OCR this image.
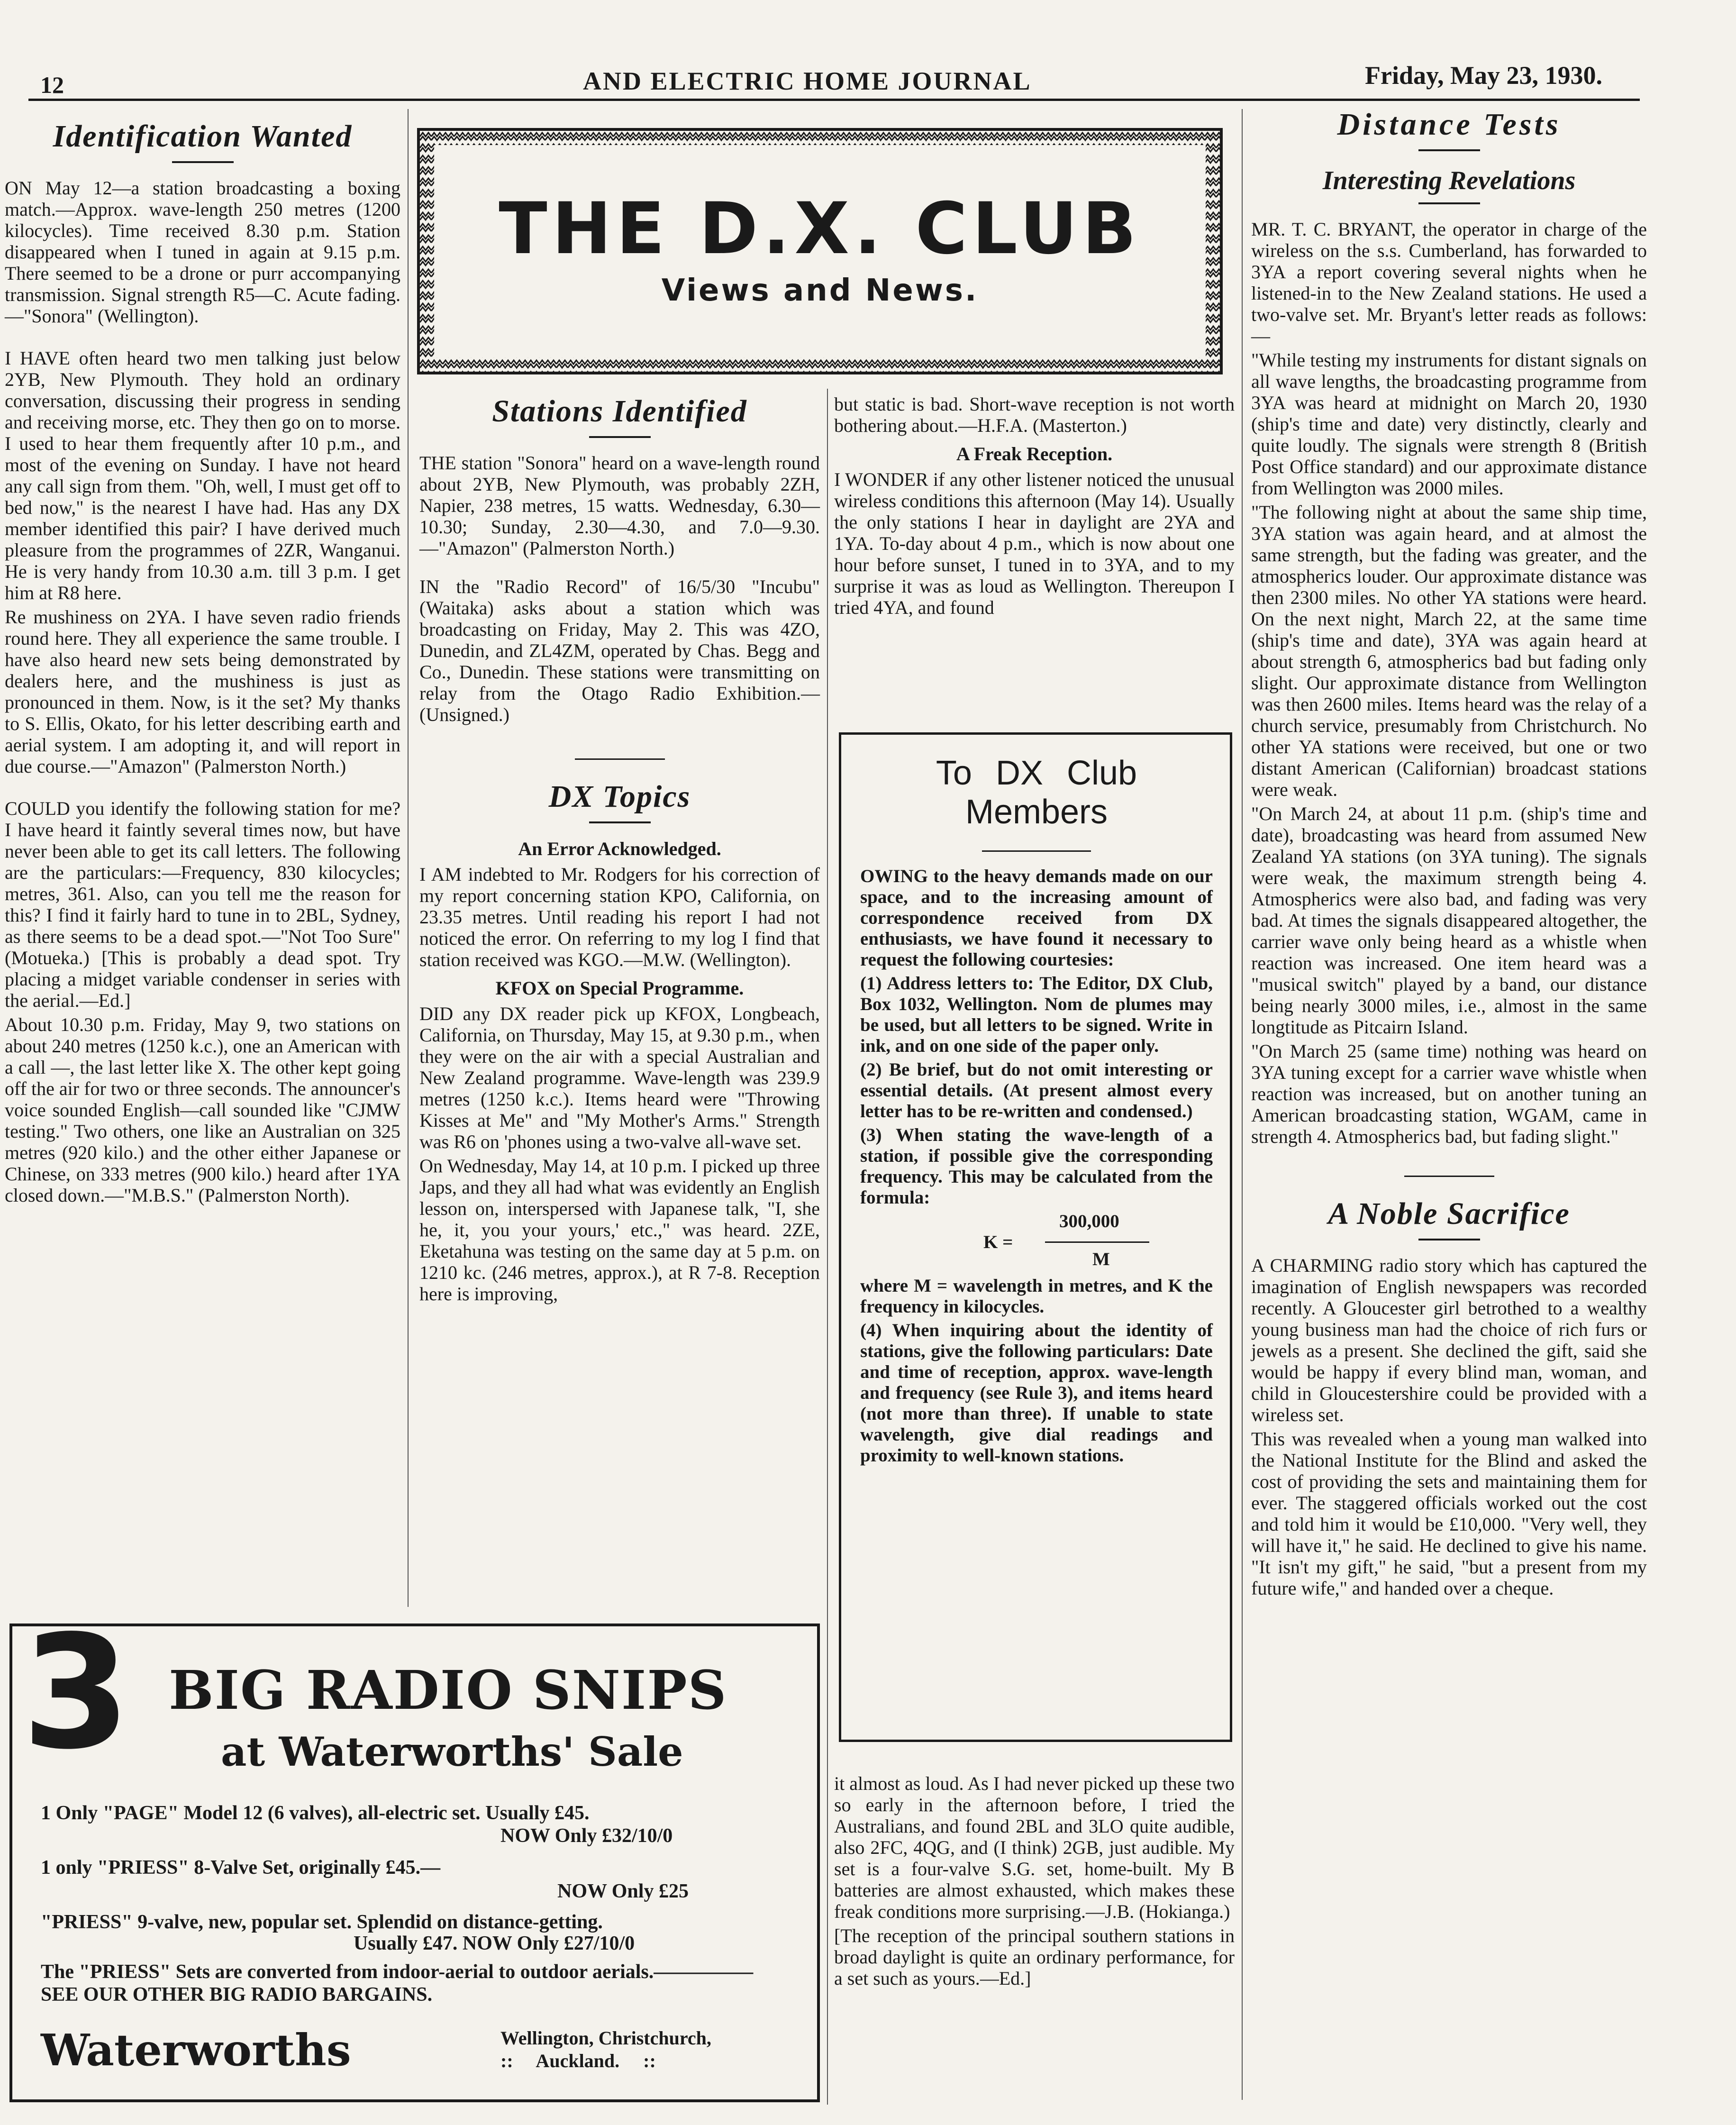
12	AND ELECTRIC HOME JOURNAL	Friday, May 23, 1930.
THE D.X. CLUB
Views and News.
Identification Wanted

ON May 12—a station broadcasting a boxing match.—Approx. wave-length 250 metres (1200 kilocycles). Time received 8.30 p.m. Station disappeared when I tuned in again at 9.15 p.m. There seemed to be a drone or purr accompanying transmission. Signal strength R5—C. Acute fading.—"Sonora" (Wellington).

I HAVE often heard two men talking just below 2YB, New Plymouth. They hold an ordinary conversation, discussing their progress in sending and receiving morse, etc. They then go on to morse. I used to hear them frequently after 10 p.m., and most of the evening on Sunday. I have not heard any call sign from them. "Oh, well, I must get off to bed now," is the nearest I have had. Has any DX member identified this pair? I have derived much pleasure from the programmes of 2ZR, Wanganui. He is very handy from 10.30 a.m. till 3 p.m. I get him at R8 here.

Re mushiness on 2YA. I have seven radio friends round here. They all experience the same trouble. I have also heard new sets being demonstrated by dealers here, and the mushiness is just as pronounced in them. Now, is it the set? My thanks to S. Ellis, Okato, for his letter describing earth and aerial system. I am adopting it, and will report in due course.—"Amazon" (Palmerston North.)

COULD you identify the following station for me? I have heard it faintly several times now, but have never been able to get its call letters. The following are the particulars:—Frequency, 830 kilocycles; metres, 361. Also, can you tell me the reason for this? I find it fairly hard to tune in to 2BL, Sydney, as there seems to be a dead spot.—"Not Too Sure" (Motueka.) [This is probably a dead spot. Try placing a midget variable condenser in series with the aerial.—Ed.]

About 10.30 p.m. Friday, May 9, two stations on about 240 metres (1250 k.c.), one an American with a call —, the last letter like X. The other kept going off the air for two or three seconds. The announcer's voice sounded English—call sounded like "CJMW testing." Two others, one like an Australian on 325 metres (920 kilo.) and the other either Japanese or Chinese, on 333 metres (900 kilo.) heard after 1YA closed down.—"M.B.S." (Palmerston North).

Stations Identified

THE station "Sonora" heard on a wave-length round about 2YB, New Plymouth, was probably 2ZH, Napier, 238 metres, 15 watts. Wednesday, 6.30—10.30; Sunday, 2.30—4.30, and 7.0—9.30.—"Amazon" (Palmerston North.)

IN the "Radio Record" of 16/5/30 "Incubu" (Waitaka) asks about a station which was broadcasting on Friday, May 2. This was 4ZO, Dunedin, and ZL4ZM, operated by Chas. Begg and Co., Dunedin. These stations were transmitting on relay from the Otago Radio Exhibition.—(Unsigned.)

DX Topics
An Error Acknowledged.

I AM indebted to Mr. Rodgers for his correction of my report concerning station KPO, California, on 23.35 metres. Until reading his report I had not noticed the error. On referring to my log I find that station received was KGO.—M.W. (Wellington).

KFOX on Special Programme.

DID any DX reader pick up KFOX, Longbeach, California, on Thursday, May 15, at 9.30 p.m., when they were on the air with a special Australian and New Zealand programme. Wave-length was 239.9 metres (1250 k.c.). Items heard were "Throwing Kisses at Me" and "My Mother's Arms." Strength was R6 on 'phones using a two-valve all-wave set.

On Wednesday, May 14, at 10 p.m. I picked up three Japs, and they all had what was evidently an English lesson on, interspersed with Japanese talk, "I, she he, it, you your yours,' etc.," was heard. 2ZE, Eketahuna was testing on the same day at 5 p.m. on 1210 kc. (246 metres, approx.), at R 7-8. Reception here is improving,

but static is bad. Short-wave reception is not worth bothering about.—H.F.A. (Masterton.)

A Freak Reception.

I WONDER if any other listener noticed the unusual wireless conditions this afternoon (May 14). Usually the only stations I hear in daylight are 2YA and 1YA. To-day about 4 p.m., which is now about one hour before sunset, I tuned in to 3YA, and to my surprise it was as loud as Wellington. Thereupon I tried 4YA, and found

To DX Club
Members

OWING to the heavy demands made on our space, and to the increasing amount of correspondence received from DX enthusiasts, we have found it necessary to request the following courtesies:

(1) Address letters to: The Editor, DX Club, Box 1032, Wellington. Nom de plumes may be used, but all letters to be signed. Write in ink, and on one side of the paper only.

(2) Be brief, but do not omit interesting or essential details. (At present almost every letter has to be re-written and condensed.)

(3) When stating the wave-length of a station, if possible give the corresponding frequency. This may be calculated from the formula:

300,000
K =
M

where M = wavelength in metres, and K the frequency in kilocycles.

(4) When inquiring about the identity of stations, give the following particulars: Date and time of reception, approx. wave-length and frequency (see Rule 3), and items heard (not more than three). If unable to state wavelength, give dial readings and proximity to well-known stations.

it almost as loud. As I had never picked up these two so early in the afternoon before, I tried the Australians, and found 2BL and 3LO quite audible, also 2FC, 4QG, and (I think) 2GB, just audible. My set is a four-valve S.G. set, home-built. My B batteries are almost exhausted, which makes these freak conditions more surprising.—J.B. (Hokianga.)

[The reception of the principal southern stations in broad daylight is quite an ordinary performance, for a set such as yours.—Ed.]

Distance Tests
Interesting Revelations

MR. T. C. BRYANT, the operator in charge of the wireless on the s.s. Cumberland, has forwarded to 3YA a report covering several nights when he listened-in to the New Zealand stations. He used a two-valve set. Mr. Bryant's letter reads as follows:—

"While testing my instruments for distant signals on all wave lengths, the broadcasting programme from 3YA was heard at midnight on March 20, 1930 (ship's time and date) very distinctly, clearly and quite loudly. The signals were strength 8 (British Post Office standard) and our approximate distance from Wellington was 2000 miles.

"The following night at about the same ship time, 3YA station was again heard, and at almost the same strength, but the fading was greater, and the atmospherics louder. Our approximate distance was then 2300 miles. No other YA stations were heard. On the next night, March 22, at the same time (ship's time and date), 3YA was again heard at about strength 6, atmospherics bad but fading only slight. Our approximate distance from Wellington was then 2600 miles. Items heard was the relay of a church service, presumably from Christchurch. No other YA stations were received, but one or two distant American (Californian) broadcast stations were weak.

"On March 24, at about 11 p.m. (ship's time and date), broadcasting was heard from assumed New Zealand YA stations (on 3YA tuning). The signals were weak, the maximum strength being 4. Atmospherics were also bad, and fading was very bad. At times the signals disappeared altogether, the carrier wave only being heard as a whistle when reaction was increased. One item heard was a "musical switch" played by a band, our distance being nearly 3000 miles, i.e., almost in the same longtitude as Pitcairn Island.

"On March 25 (same time) nothing was heard on 3YA tuning except for a carrier wave whistle when reaction was increased, but on another tuning an American broadcasting station, WGAM, came in strength 4. Atmospherics bad, but fading slight."

A Noble Sacrifice

A CHARMING radio story which has captured the imagination of English newspapers was recorded recently. A Gloucester girl betrothed to a wealthy young business man had the choice of rich furs or jewels as a present. She declined the gift, said she would be happy if every blind man, woman, and child in Gloucestershire could be provided with a wireless set.

This was revealed when a young man walked into the National Institute for the Blind and asked the cost of providing the sets and maintaining them for ever. The staggered officials worked out the cost and told him it would be £10,000. "Very well, they will have it," he said. He declined to give his name. "It isn't my gift," he said, "but a present from my future wife," and handed over a cheque.

3 BIG RADIO SNIPS
at Waterworths' Sale
1 Only "PAGE" Model 12 (6 valves), all-electric set. Usually £45.
NOW Only £32/10/0
1 only "PRIESS" 8-Valve Set, originally £45.—
NOW Only £25
"PRIESS" 9-valve, new, popular set. Splendid on distance-getting.
Usually £47. NOW Only £27/10/0
The "PRIESS" Sets are converted from indoor-aerial to outdoor aerials.—————SEE OUR OTHER BIG RADIO BARGAINS.
Waterworths	Wellington, Christchurch,
:: Auckland. ::
